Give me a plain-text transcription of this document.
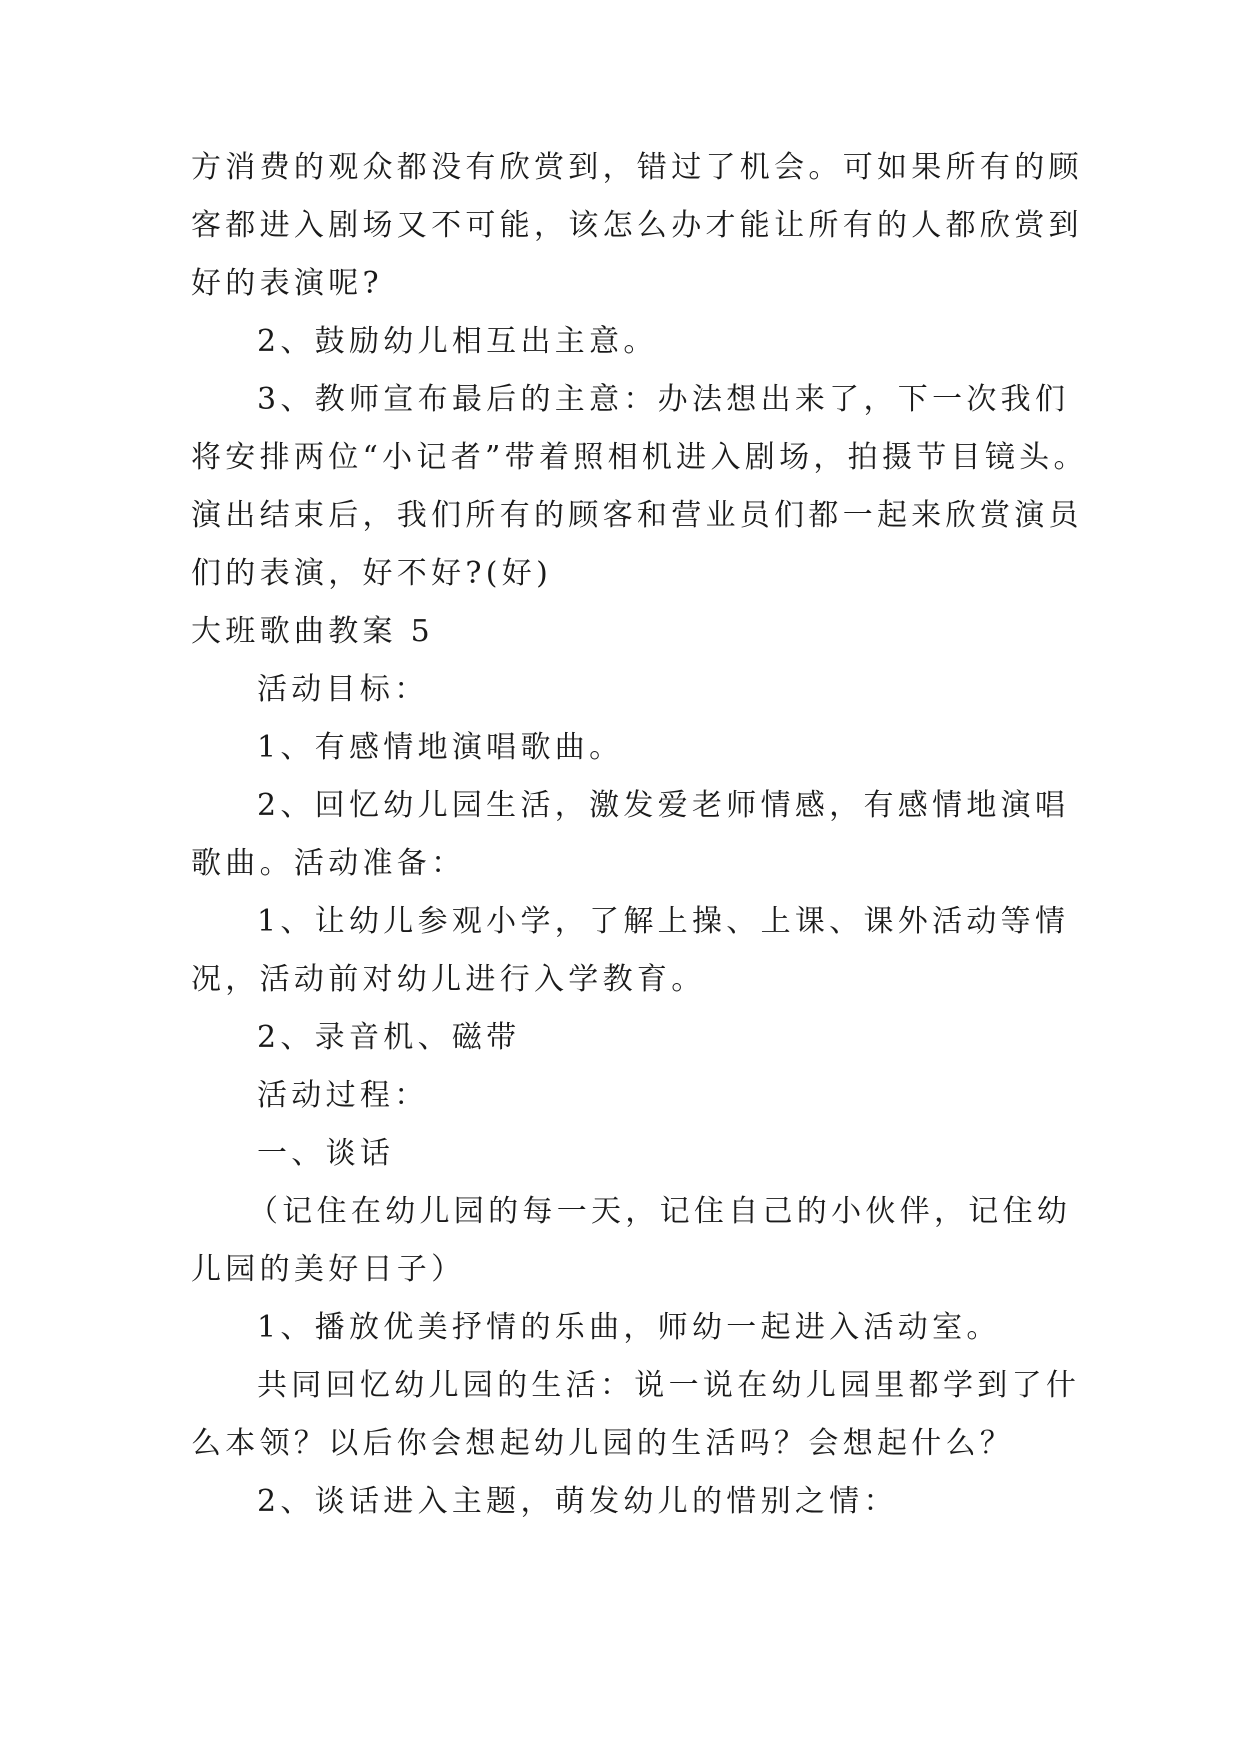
方消费的观众都没有欣赏到，错过了机会。可如果所有的顾
客都进入剧场又不可能，该怎么办才能让所有的人都欣赏到
好的表演呢?
2、鼓励幼儿相互出主意。
3、教师宣布最后的主意：办法想出来了，下一次我们
将安排两位“小记者”带着照相机进入剧场，拍摄节目镜头。
演出结束后，我们所有的顾客和营业员们都一起来欣赏演员
们的表演，好不好?(好)
大班歌曲教案 5
活动目标：
1、有感情地演唱歌曲。
2、回忆幼儿园生活，激发爱老师情感，有感情地演唱
歌曲。活动准备：
1、让幼儿参观小学，了解上操、上课、课外活动等情
况，活动前对幼儿进行入学教育。
2、录音机、磁带
活动过程：
一、谈话
（记住在幼儿园的每一天，记住自己的小伙伴，记住幼
儿园的美好日子）
1、播放优美抒情的乐曲，师幼一起进入活动室。
共同回忆幼儿园的生活：说一说在幼儿园里都学到了什
么本领？以后你会想起幼儿园的生活吗？会想起什么？
2、谈话进入主题，萌发幼儿的惜别之情：
